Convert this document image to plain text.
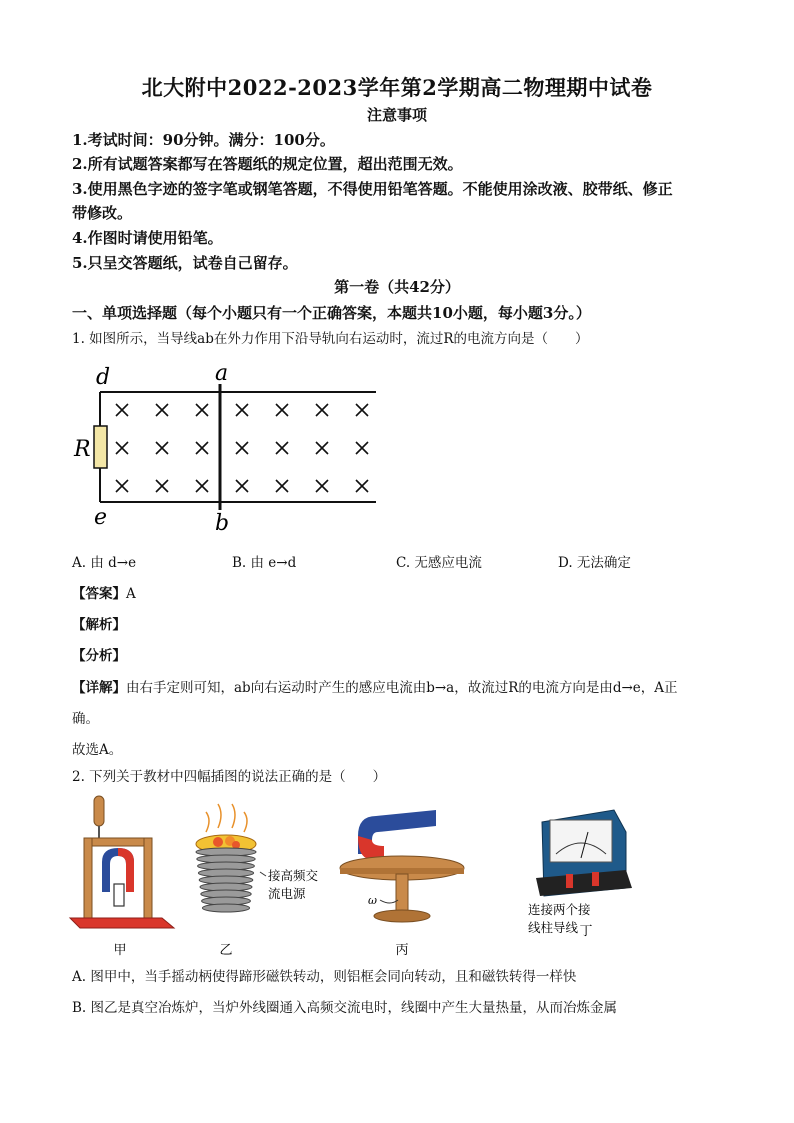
北大附中2022-2023学年第2学期高二物理期中试卷
注意事项
1.考试时间：90分钟。满分：100分。
2.所有试题答案都写在答题纸的规定位置，超出范围无效。
3.使用黑色字迹的签字笔或钢笔答题，不得使用铅笔答题。不能使用涂改液、胶带纸、修正
带修改。
4.作图时请使用铅笔。
5.只呈交答题纸，试卷自己留存。
第一卷（共42分）
一、单项选择题（每个小题只有一个正确答案，本题共10小题，每小题3分。）
1. 如图所示，当导线ab在外力作用下沿导轨向右运动时，流过R的电流方向是（　　）
d	a
R
e	b
A. 由 d→e	B. 由 e→d	C. 无感应电流	D. 无法确定
【答案】A
【解析】
【分析】
【详解】由右手定则可知，ab向右运动时产生的感应电流由b→a，故流过R的电流方向是由d→e，A正
确。
故选A。
2. 下列关于教材中四幅插图的说法正确的是（　　）
接高频交
流电源	ω
连接两个接
线柱导线
甲	乙	丙
丁
A. 图甲中，当手摇动柄使得蹄形磁铁转动，则铝框会同向转动，且和磁铁转得一样快
B. 图乙是真空冶炼炉，当炉外线圈通入高频交流电时，线圈中产生大量热量，从而冶炼金属
